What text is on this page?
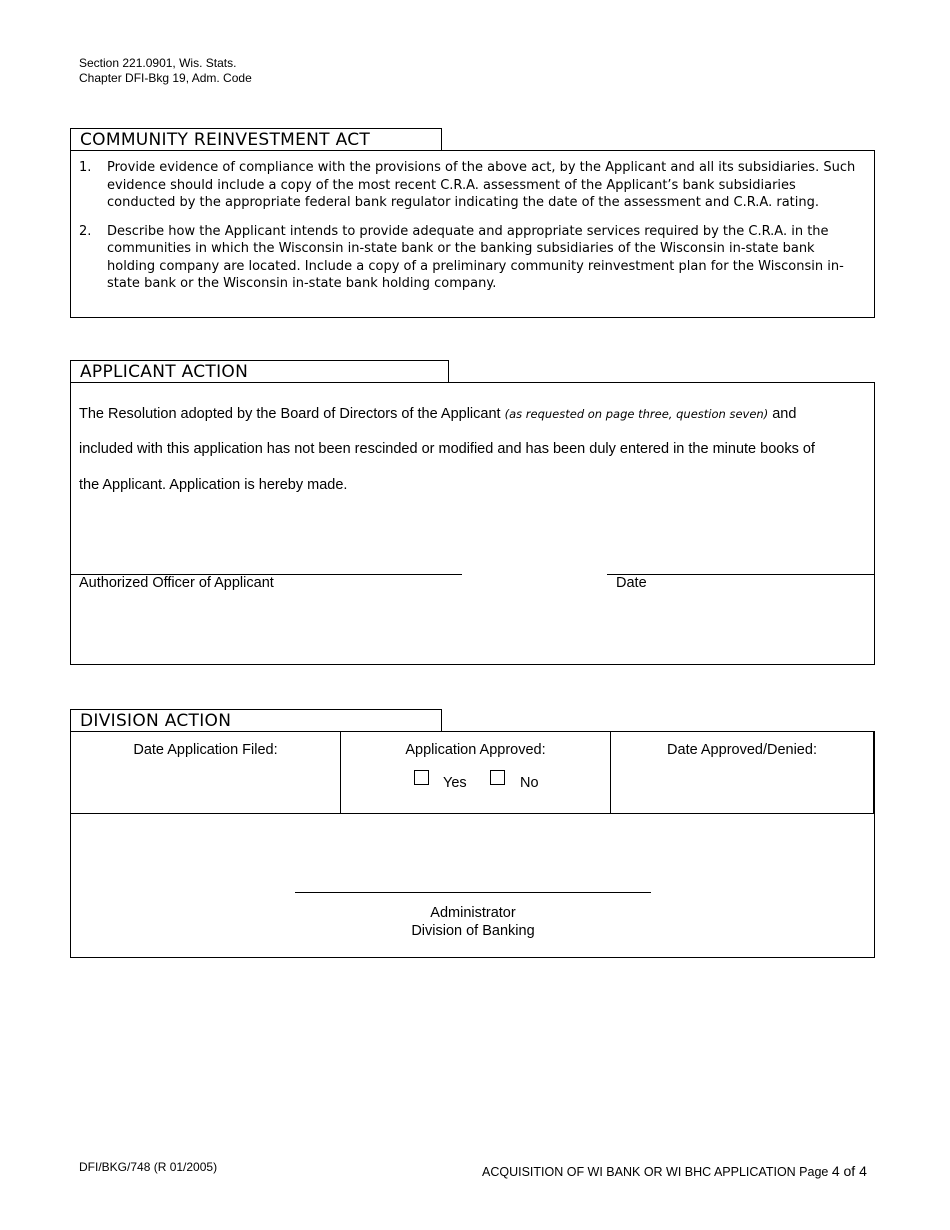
Section 221.0901, Wis. Stats.
Chapter DFI-Bkg 19, Adm. Code
COMMUNITY REINVESTMENT ACT
1.	Provide evidence of compliance with the provisions of the above act, by the Applicant and all its subsidiaries. Such evidence should include a copy of the most recent C.R.A. assessment of the Applicant’s bank subsidiaries conducted by the appropriate federal bank regulator indicating the date of the assessment and C.R.A. rating.
2.	Describe how the Applicant intends to provide adequate and appropriate services required by the C.R.A. in the communities in which the Wisconsin in-state bank or the banking subsidiaries of the Wisconsin in-state bank holding company are located. Include a copy of a preliminary community reinvestment plan for the Wisconsin in-state bank or the Wisconsin in-state bank holding company.
APPLICANT ACTION
The Resolution adopted by the Board of Directors of the Applicant (as requested on page three, question seven) and
included with this application has not been rescinded or modified and has been duly entered in the minute books of
the Applicant. Application is hereby made.
Authorized Officer of Applicant	Date
DIVISION ACTION
Date Application Filed:	Application Approved:
Yes	No
Date Approved/Denied:
Administrator
Division of Banking
DFI/BKG/748 (R 01/2005)	ACQUISITION OF WI BANK OR WI BHC APPLICATION Page 4 of 4
